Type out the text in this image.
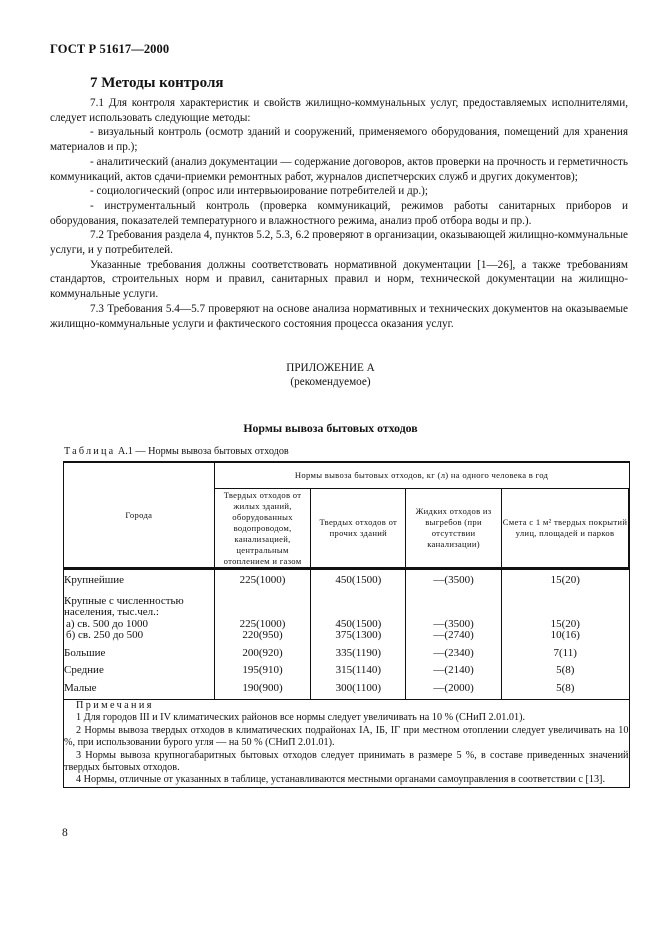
ГОСТ Р 51617—2000
7 Методы контроля

7.1 Для контроля характеристик и свойств жилищно-коммунальных услуг, предоставляемых исполнителями, следует использовать следующие методы:

- визуальный контроль (осмотр зданий и сооружений, применяемого оборудования, помещений для хранения материалов и пр.);

- аналитический (анализ документации — содержание договоров, актов проверки на прочность и герметичность коммуникаций, актов сдачи-приемки ремонтных работ, журналов диспетчерских служб и других документов);

- социологический (опрос или интервьюирование потребителей и др.);

- инструментальный контроль (проверка коммуникаций, режимов работы санитарных приборов и оборудования, показателей температурного и влажностного режима, анализ проб отбора воды и пр.).

7.2 Требования раздела 4, пунктов 5.2, 5.3, 6.2 проверяют в организации, оказывающей жилищно-коммунальные услуги, и у потребителей.

Указанные требования должны соответствовать нормативной документации [1—26], а также требованиям стандартов, строительных норм и правил, санитарных правил и норм, технической документации на жилищно-коммунальные услуги.

7.3 Требования 5.4—5.7 проверяют на основе анализа нормативных и технических документов на оказываемые жилищно-коммунальные услуги и фактического состояния процесса оказания услуг.

ПРИЛОЖЕНИЕ А
(рекомендуемое)
Нормы вывоза бытовых отходов
Таблица А.1 — Нормы вывоза бытовых отходов
Города	Нормы вывоза бытовых отходов, кг (л) на одного человека в год			
	Твердых отходов от жилых зданий, оборудованных водопроводом, канализацией, центральным отоплением и газом	Твердых отходов от прочих зданий	Жидких отходов из выгребов (при отсутствии канализации)	Смета с 1 м² твердых покрытий улиц, площадей и парков
Крупнейшие	225(1000)	450(1500)	—(3500)	15(20)
Крупные с численностью населения, тыс.чел.:				
а) св. 500 до 1000	225(1000)	450(1500)	—(3500)	15(20)
б) св. 250 до 500	220(950)	375(1300)	—(2740)	10(16)
Большие	200(920)	335(1190)	—(2340)	7(11)
Средние	195(910)	315(1140)	—(2140)	5(8)
Малые	190(900)	300(1100)	—(2000)	5(8)

Примечания

1 Для городов III и IV климатических районов все нормы следует увеличивать на 10 % (СНиП 2.01.01).

2 Нормы вывоза твердых отходов в климатических подрайонах IА, IБ, IГ при местном отоплении следует увеличивать на 10 %, при использовании бурого угля — на 50 % (СНиП 2.01.01).

3 Нормы вывоза крупногабаритных бытовых отходов следует принимать в размере 5 %, в составе приведенных значений твердых бытовых отходов.

4 Нормы, отличные от указанных в таблице, устанавливаются местными органами самоуправления в соответствии с [13].				

8
